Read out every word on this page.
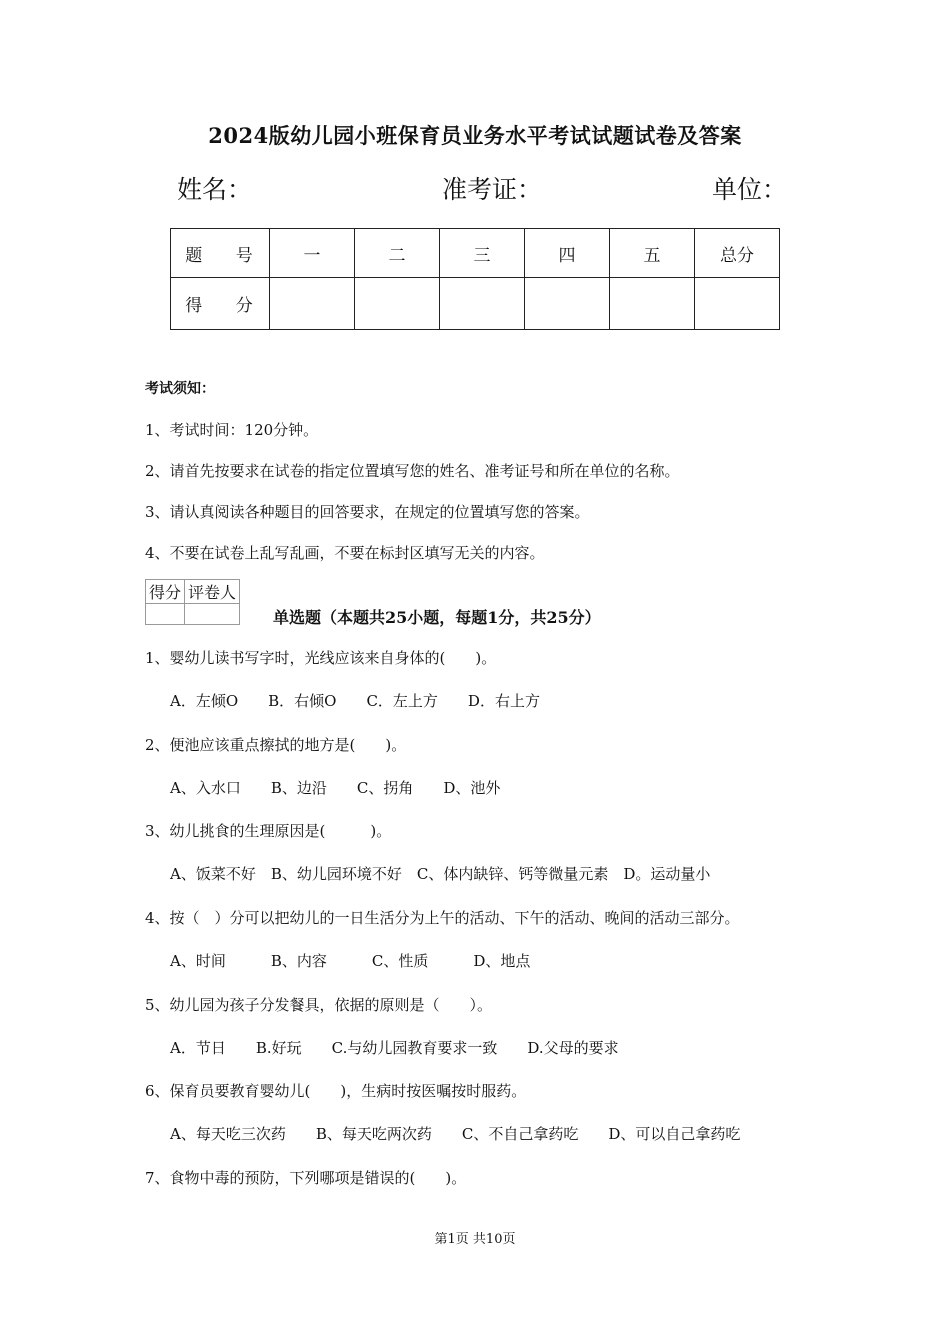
2024版幼儿园小班保育员业务水平考试试题试卷及答案
姓名：	准考证：	单位：
题 号	一	二	三	四	五	总分
得 分						
考试须知：
1、考试时间：120分钟。
2、请首先按要求在试卷的指定位置填写您的姓名、准考证号和所在单位的名称。
3、请认真阅读各种题目的回答要求，在规定的位置填写您的答案。
4、不要在试卷上乱写乱画，不要在标封区填写无关的内容。
得分	评卷人

单选题（本题共25小题，每题1分，共25分）
1、婴幼儿读书写字时，光线应该来自身体的(　　)。
A．左倾O　　B．右倾O　　C．左上方　　D．右上方
2、便池应该重点擦拭的地方是(　　)。
A、入水口　　B、边沿　　C、拐角　　D、池外
3、幼儿挑食的生理原因是(　　　)。
A、饭菜不好　B、幼儿园环境不好　C、体内缺锌、钙等微量元素　D。运动量小
4、按（　）分可以把幼儿的一日生活分为上午的活动、下午的活动、晚间的活动三部分。
A、时间　　　B、内容　　　C、性质　　　D、地点
5、幼儿园为孩子分发餐具，依据的原则是（　　）。
A．节日　　B.好玩　　C.与幼儿园教育要求一致　　D.父母的要求
6、保育员要教育婴幼儿(　　)，生病时按医嘱按时服药。
A、每天吃三次药　　B、每天吃两次药　　C、不自己拿药吃　　D、可以自己拿药吃
7、食物中毒的预防，下列哪项是错误的(　　)。
第1页 共10页
